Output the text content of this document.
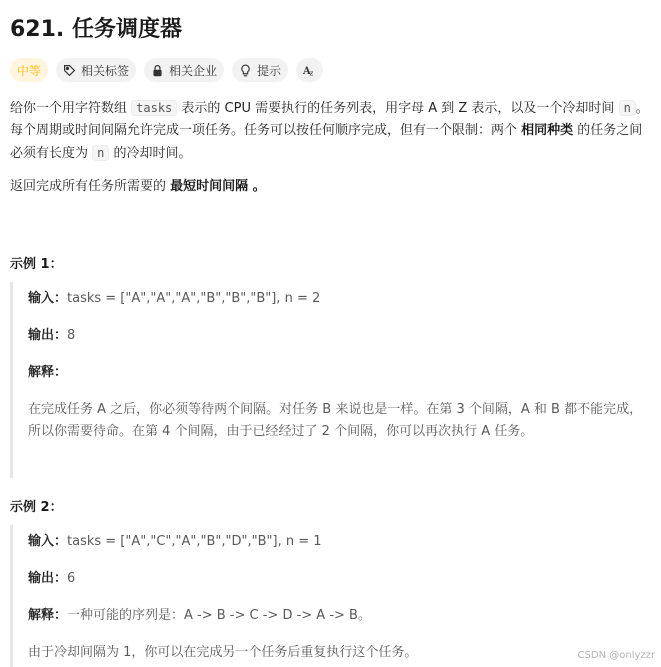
621. 任务调度器
中等	相关标签	相关企业	提示 A
z
给你一个用字符数组 tasks 表示的 CPU 需要执行的任务列表，用字母 A 到 Z 表示，以及一个冷却时间 n 。每个周期或时间间隔允许完成一项任务。任务可以按任何顺序完成，但有一个限制：两个 相同种类 的任务之间必须有长度为 n 的冷却时间。
返回完成所有任务所需要的 最短时间间隔 。
示例 1：
输入：tasks = ["A","A","A","B","B","B"], n = 2
输出：8
解释：
在完成任务 A 之后，你必须等待两个间隔。对任务 B 来说也是一样。在第 3 个间隔，A 和 B 都不能完成，所以你需要待命。在第 4 个间隔，由于已经经过了 2 个间隔，你可以再次执行 A 任务。
示例 2：
输入：tasks = ["A","C","A","B","D","B"], n = 1
输出：6
解释：一种可能的序列是：A -> B -> C -> D -> A -> B。
由于冷却间隔为 1，你可以在完成另一个任务后重复执行这个任务。	CSDN @onlyzzr
